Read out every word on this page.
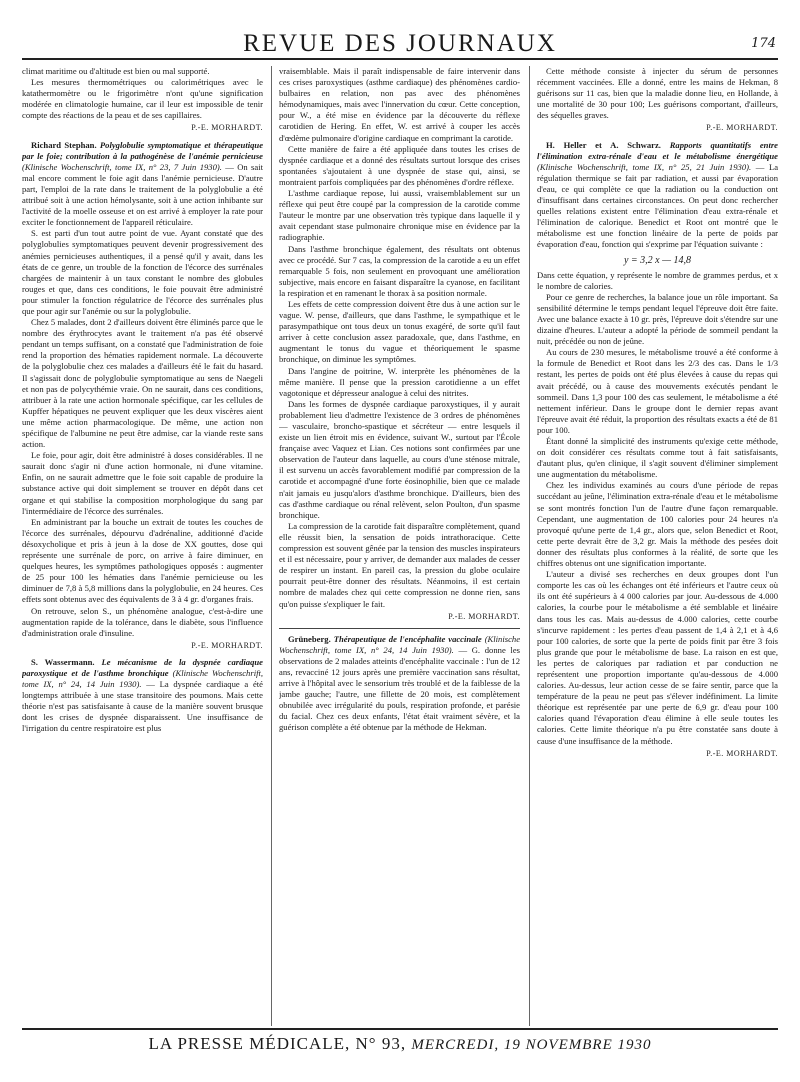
REVUE DES JOURNAUX	174

climat maritime ou d'altitude est bien ou mal supporté.

Les mesures thermométriques ou calorimétriques avec le katathermomètre ou le frigorimètre n'ont qu'une signification modérée en climatologie humaine, car il leur est impossible de tenir compte des réactions de la peau et de ses capillaires.

P.-E. MORHARDT.

Richard Stephan. Polyglobulie symptomatique et thérapeutique par le foie; contribution à la pathogénèse de l'anémie pernicieuse (Klinische Wochenschrift, tome IX, n° 23, 7 Juin 1930). — On sait mal encore comment le foie agit dans l'anémie pernicieuse. D'autre part, l'emploi de la rate dans le traitement de la polyglobulie a été attribué soit à une action hémolysante, soit à une action inhibante sur l'activité de la moelle osseuse et on est arrivé à employer la rate pour exciter le fonctionnement de l'appareil réticulaire.

S. est parti d'un tout autre point de vue. Ayant constaté que des polyglobulies symptomatiques peuvent devenir progressivement des anémies pernicieuses authentiques, il a pensé qu'il y avait, dans les états de ce genre, un trouble de la fonction de l'écorce des surrénales chargées de maintenir à un taux constant le nombre des globules rouges et que, dans ces conditions, le foie pouvait être administré pour stimuler la fonction régulatrice de l'écorce des surrénales plus que pour agir sur l'anémie ou sur la polyglobulie.

Chez 5 malades, dont 2 d'ailleurs doivent être éliminés parce que le nombre des érythrocytes avant le traitement n'a pas été observé pendant un temps suffisant, on a constaté que l'administration de foie rend la proportion des hématies rapidement normale. La découverte de la polyglobulie chez ces malades a d'ailleurs été le fait du hasard. Il s'agissait donc de polyglobulie symptomatique au sens de Naegeli et non pas de polycythémie vraie. On ne saurait, dans ces conditions, attribuer à la rate une action hormonale spécifique, car les cellules de Kupffer hépatiques ne peuvent expliquer que les deux viscères aient une même action pharmacologique. De même, une action non spécifique de l'albumine ne peut être admise, car la viande reste sans action.

Le foie, pour agir, doit être administré à doses considérables. Il ne saurait donc s'agir ni d'une action hormonale, ni d'une vitamine. Enfin, on ne saurait admettre que le foie soit capable de produire la substance active qui doit simplement se trouver en dépôt dans cet organe et qui stabilise la composition morphologique du sang par l'intermédiaire de l'écorce des surrénales.

En administrant par la bouche un extrait de toutes les couches de l'écorce des surrénales, dépourvu d'adrénaline, additionné d'acide désoxycholique et pris à jeun à la dose de XX gouttes, dose qui représente une surrénale de porc, on arrive à faire diminuer, en quelques heures, les symptômes pathologiques opposés : augmenter de 25 pour 100 les hématies dans l'anémie pernicieuse ou les diminuer de 7,8 à 5,8 millions dans la polyglobulie, en 24 heures. Ces effets sont obtenus avec des équivalents de 3 à 4 gr. d'organes frais.

On retrouve, selon S., un phénomène analogue, c'est-à-dire une augmentation rapide de la tolérance, dans le diabète, sous l'influence d'administration orale d'insuline.

P.-E. MORHARDT.

S. Wassermann. Le mécanisme de la dyspnée cardiaque paroxystique et de l'asthme bronchique (Klinische Wochenschrift, tome IX, n° 24, 14 Juin 1930). — La dyspnée cardiaque a été longtemps attribuée à une stase transitoire des poumons. Mais cette théorie n'est pas satisfaisante à cause de la manière souvent brusque dont les crises de dyspnée disparaissent. Une insuffisance de l'irrigation du centre respiratoire est plus

vraisemblable. Mais il paraît indispensable de faire intervenir dans ces crises paroxystiques (asthme cardiaque) des phénomènes cardio-bulbaires en relation, non pas avec des phénomènes hémodynamiques, mais avec l'innervation du cœur. Cette conception, pour W., a été mise en évidence par la découverte du réflexe carotidien de Hering. En effet, W. est arrivé à couper les accès d'œdème pulmonaire d'origine cardiaque en comprimant la carotide.

Cette manière de faire a été appliquée dans toutes les crises de dyspnée cardiaque et a donné des résultats surtout lorsque des crises spontanées s'ajoutaient à une dyspnée de stase qui, ainsi, se montraient parfois compliquées par des phénomènes d'ordre réflexe.

L'asthme cardiaque repose, lui aussi, vraisemblablement sur un réflexe qui peut être coupé par la compression de la carotide comme l'auteur le montre par une observation très typique dans laquelle il y avait cependant stase pulmonaire chronique mise en évidence par la radiographie.

Dans l'asthme bronchique également, des résultats ont obtenus avec ce procédé. Sur 7 cas, la compression de la carotide a eu un effet remarquable 5 fois, non seulement en provoquant une amélioration subjective, mais encore en faisant disparaître la cyanose, en facilitant la respiration et en ramenant le thorax à sa position normale.

Les effets de cette compression doivent être dus à une action sur le vague. W. pense, d'ailleurs, que dans l'asthme, le sympathique et le parasympathique ont tous deux un tonus exagéré, de sorte qu'il faut arriver à cette conclusion assez paradoxale, que, dans l'asthme, en augmentant le tonus du vague et théoriquement le spasme bronchique, on diminue les symptômes.

Dans l'angine de poitrine, W. interprète les phénomènes de la même manière. Il pense que la pression carotidienne a un effet vagotonique et dépresseur analogue à celui des nitrites.

Dans les formes de dyspnée cardiaque paroxystiques, il y aurait probablement lieu d'admettre l'existence de 3 ordres de phénomènes — vasculaire, broncho-spastique et sécréteur — entre lesquels il existe un lien étroit mis en évidence, suivant W., surtout par l'École française avec Vaquez et Lian. Ces notions sont confirmées par une observation de l'auteur dans laquelle, au cours d'une sténose mitrale, il est survenu un accès favorablement modifié par compression de la carotide et accompagné d'une forte éosinophilie, bien que ce malade n'ait jamais eu jusqu'alors d'asthme bronchique. D'ailleurs, bien des cas d'asthme cardiaque ou rénal relèvent, selon Poulton, d'un spasme bronchique.

La compression de la carotide fait disparaître complètement, quand elle réussit bien, la sensation de poids intrathoracique. Cette compression est souvent gênée par la tension des muscles inspirateurs et il est nécessaire, pour y arriver, de demander aux malades de cesser de respirer un instant. En pareil cas, la pression du globe oculaire pourrait peut-être donner des résultats. Néanmoins, il est certain nombre de malades chez qui cette compression ne donne rien, sans qu'on puisse s'expliquer le fait.

P.-E. MORHARDT.

Grüneberg. Thérapeutique de l'encéphalite vaccinale (Klinische Wochenschrift, tome IX, n° 24, 14 Juin 1930). — G. donne les observations de 2 malades atteints d'encéphalite vaccinale : l'un de 12 ans, revacciné 12 jours après une première vaccination sans résultat, arrive à l'hôpital avec le sensorium très troublé et de la faiblesse de la jambe gauche; l'autre, une fillette de 20 mois, est complètement obnubilée avec irrégularité du pouls, respiration profonde, et parésie du facial. Chez ces deux enfants, l'état était vraiment sévère, et la guérison complète a été obtenue par la méthode de Hekman.

Cette méthode consiste à injecter du sérum de personnes récemment vaccinées. Elle a donné, entre les mains de Hekman, 8 guérisons sur 11 cas, bien que la maladie donne lieu, en Hollande, à une mortalité de 30 pour 100; Les guérisons comportant, d'ailleurs, des séquelles graves.

P.-E. MORHARDT.

H. Heller et A. Schwarz. Rapports quantitatifs entre l'élimination extra-rénale d'eau et le métabolisme énergétique (Klinische Wochenschrift, tome IX, n° 25, 21 Juin 1930). — La régulation thermique se fait par radiation, et aussi par évaporation d'eau, ce qui complète ce que la radiation ou la conduction ont d'insuffisant dans certaines circonstances. On peut donc rechercher quelles relations existent entre l'élimination d'eau extra-rénale et l'élimination de calorique. Benedict et Root ont montré que le métabolisme est une fonction linéaire de la perte de poids par évaporation d'eau, fonction qui s'exprime par l'équation suivante :

y = 3,2 x — 14,8

Dans cette équation, y représente le nombre de grammes perdus, et x le nombre de calories.

Pour ce genre de recherches, la balance joue un rôle important. Sa sensibilité détermine le temps pendant lequel l'épreuve doit être faite. Avec une balance exacte à 10 gr. près, l'épreuve doit s'étendre sur une dizaine d'heures. L'auteur a adopté la période de sommeil pendant la nuit, précédée ou non de jeûne.

Au cours de 230 mesures, le métabolisme trouvé a été conforme à la formule de Benedict et Root dans les 2/3 des cas. Dans le 1/3 restant, les pertes de poids ont été plus élevées à cause du repas qui avait précédé, ou à cause des mouvements exécutés pendant le sommeil. Dans 1,3 pour 100 des cas seulement, le métabolisme a été nettement inférieur. Dans le groupe dont le dernier repas avant l'épreuve avait été réduit, la proportion des résultats exacts a été de 81 pour 100.

Étant donné la simplicité des instruments qu'exige cette méthode, on doit considérer ces résultats comme tout à fait satisfaisants, d'autant plus, qu'en clinique, il s'agit souvent d'éliminer simplement une augmentation du métabolisme.

Chez les individus examinés au cours d'une période de repas succédant au jeûne, l'élimination extra-rénale d'eau et le métabolisme se sont montrés fonction l'un de l'autre d'une façon remarquable. Cependant, une augmentation de 100 calories pour 24 heures n'a provoqué qu'une perte de 1,4 gr., alors que, selon Benedict et Root, cette perte devrait être de 3,2 gr. Mais la méthode des pesées doit donner des résultats plus conformes à la réalité, de sorte que les chiffres obtenus ont une signification importante.

L'auteur a divisé ses recherches en deux groupes dont l'un comporte les cas où les échanges ont été inférieurs et l'autre ceux où ils ont été supérieurs à 4 000 calories par jour. Au-dessous de 4.000 calories, la courbe pour le métabolisme a été semblable et linéaire dans tous les cas. Mais au-dessus de 4.000 calories, cette courbe s'incurve rapidement : les pertes d'eau passent de 1,4 à 2,1 et à 4,6 pour 100 calories, de sorte que la perte de poids finit par être 3 fois plus grande que pour le métabolisme de base. La raison en est que, les pertes de caloriques par radiation et par conduction ne représentent une proportion importante qu'au-dessous de 4.000 calories. Au-dessus, leur action cesse de se faire sentir, parce que la température de la peau ne peut pas s'élever indéfiniment. La limite théorique est représentée par une perte de 6,9 gr. d'eau pour 100 calories quand l'évaporation d'eau élimine à elle seule toutes les calories. Cette limite théorique n'a pu être constatée sans doute à cause d'une insuffisance de la méthode.

P.-E. MORHARDT.

LA PRESSE MÉDICALE, N° 93, MERCREDI, 19 NOVEMBRE 1930
